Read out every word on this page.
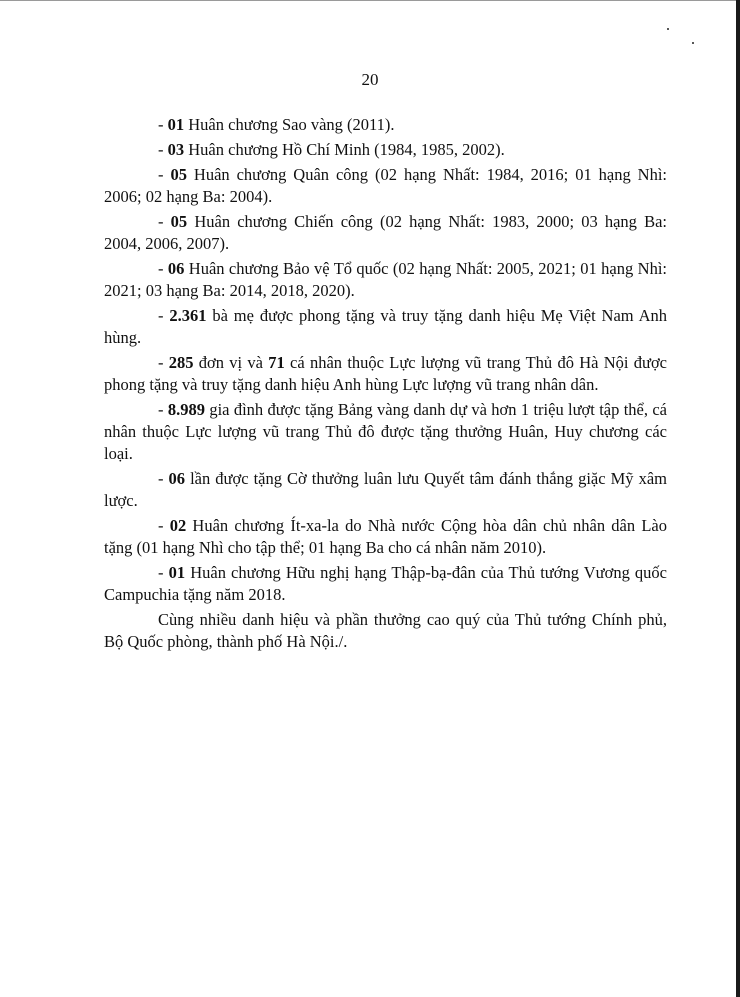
20

- 01 Huân chương Sao vàng (2011).

- 03 Huân chương Hồ Chí Minh (1984, 1985, 2002).

- 05 Huân chương Quân công (02 hạng Nhất: 1984, 2016; 01 hạng Nhì: 2006; 02 hạng Ba: 2004).

- 05 Huân chương Chiến công (02 hạng Nhất: 1983, 2000; 03 hạng Ba: 2004, 2006, 2007).

- 06 Huân chương Bảo vệ Tổ quốc (02 hạng Nhất: 2005, 2021; 01 hạng Nhì: 2021; 03 hạng Ba: 2014, 2018, 2020).

- 2.361 bà mẹ được phong tặng và truy tặng danh hiệu Mẹ Việt Nam Anh hùng.

- 285 đơn vị và 71 cá nhân thuộc Lực lượng vũ trang Thủ đô Hà Nội được phong tặng và truy tặng danh hiệu Anh hùng Lực lượng vũ trang nhân dân.

- 8.989 gia đình được tặng Bảng vàng danh dự và hơn 1 triệu lượt tập thể, cá nhân thuộc Lực lượng vũ trang Thủ đô được tặng thưởng Huân, Huy chương các loại.

- 06 lần được tặng Cờ thưởng luân lưu Quyết tâm đánh thắng giặc Mỹ xâm lược.

- 02 Huân chương Ít-xa-la do Nhà nước Cộng hòa dân chủ nhân dân Lào tặng (01 hạng Nhì cho tập thể; 01 hạng Ba cho cá nhân năm 2010).

- 01 Huân chương Hữu nghị hạng Thập-bạ-đân của Thủ tướng Vương quốc Campuchia tặng năm 2018.

Cùng nhiều danh hiệu và phần thưởng cao quý của Thủ tướng Chính phủ, Bộ Quốc phòng, thành phố Hà Nội./.
